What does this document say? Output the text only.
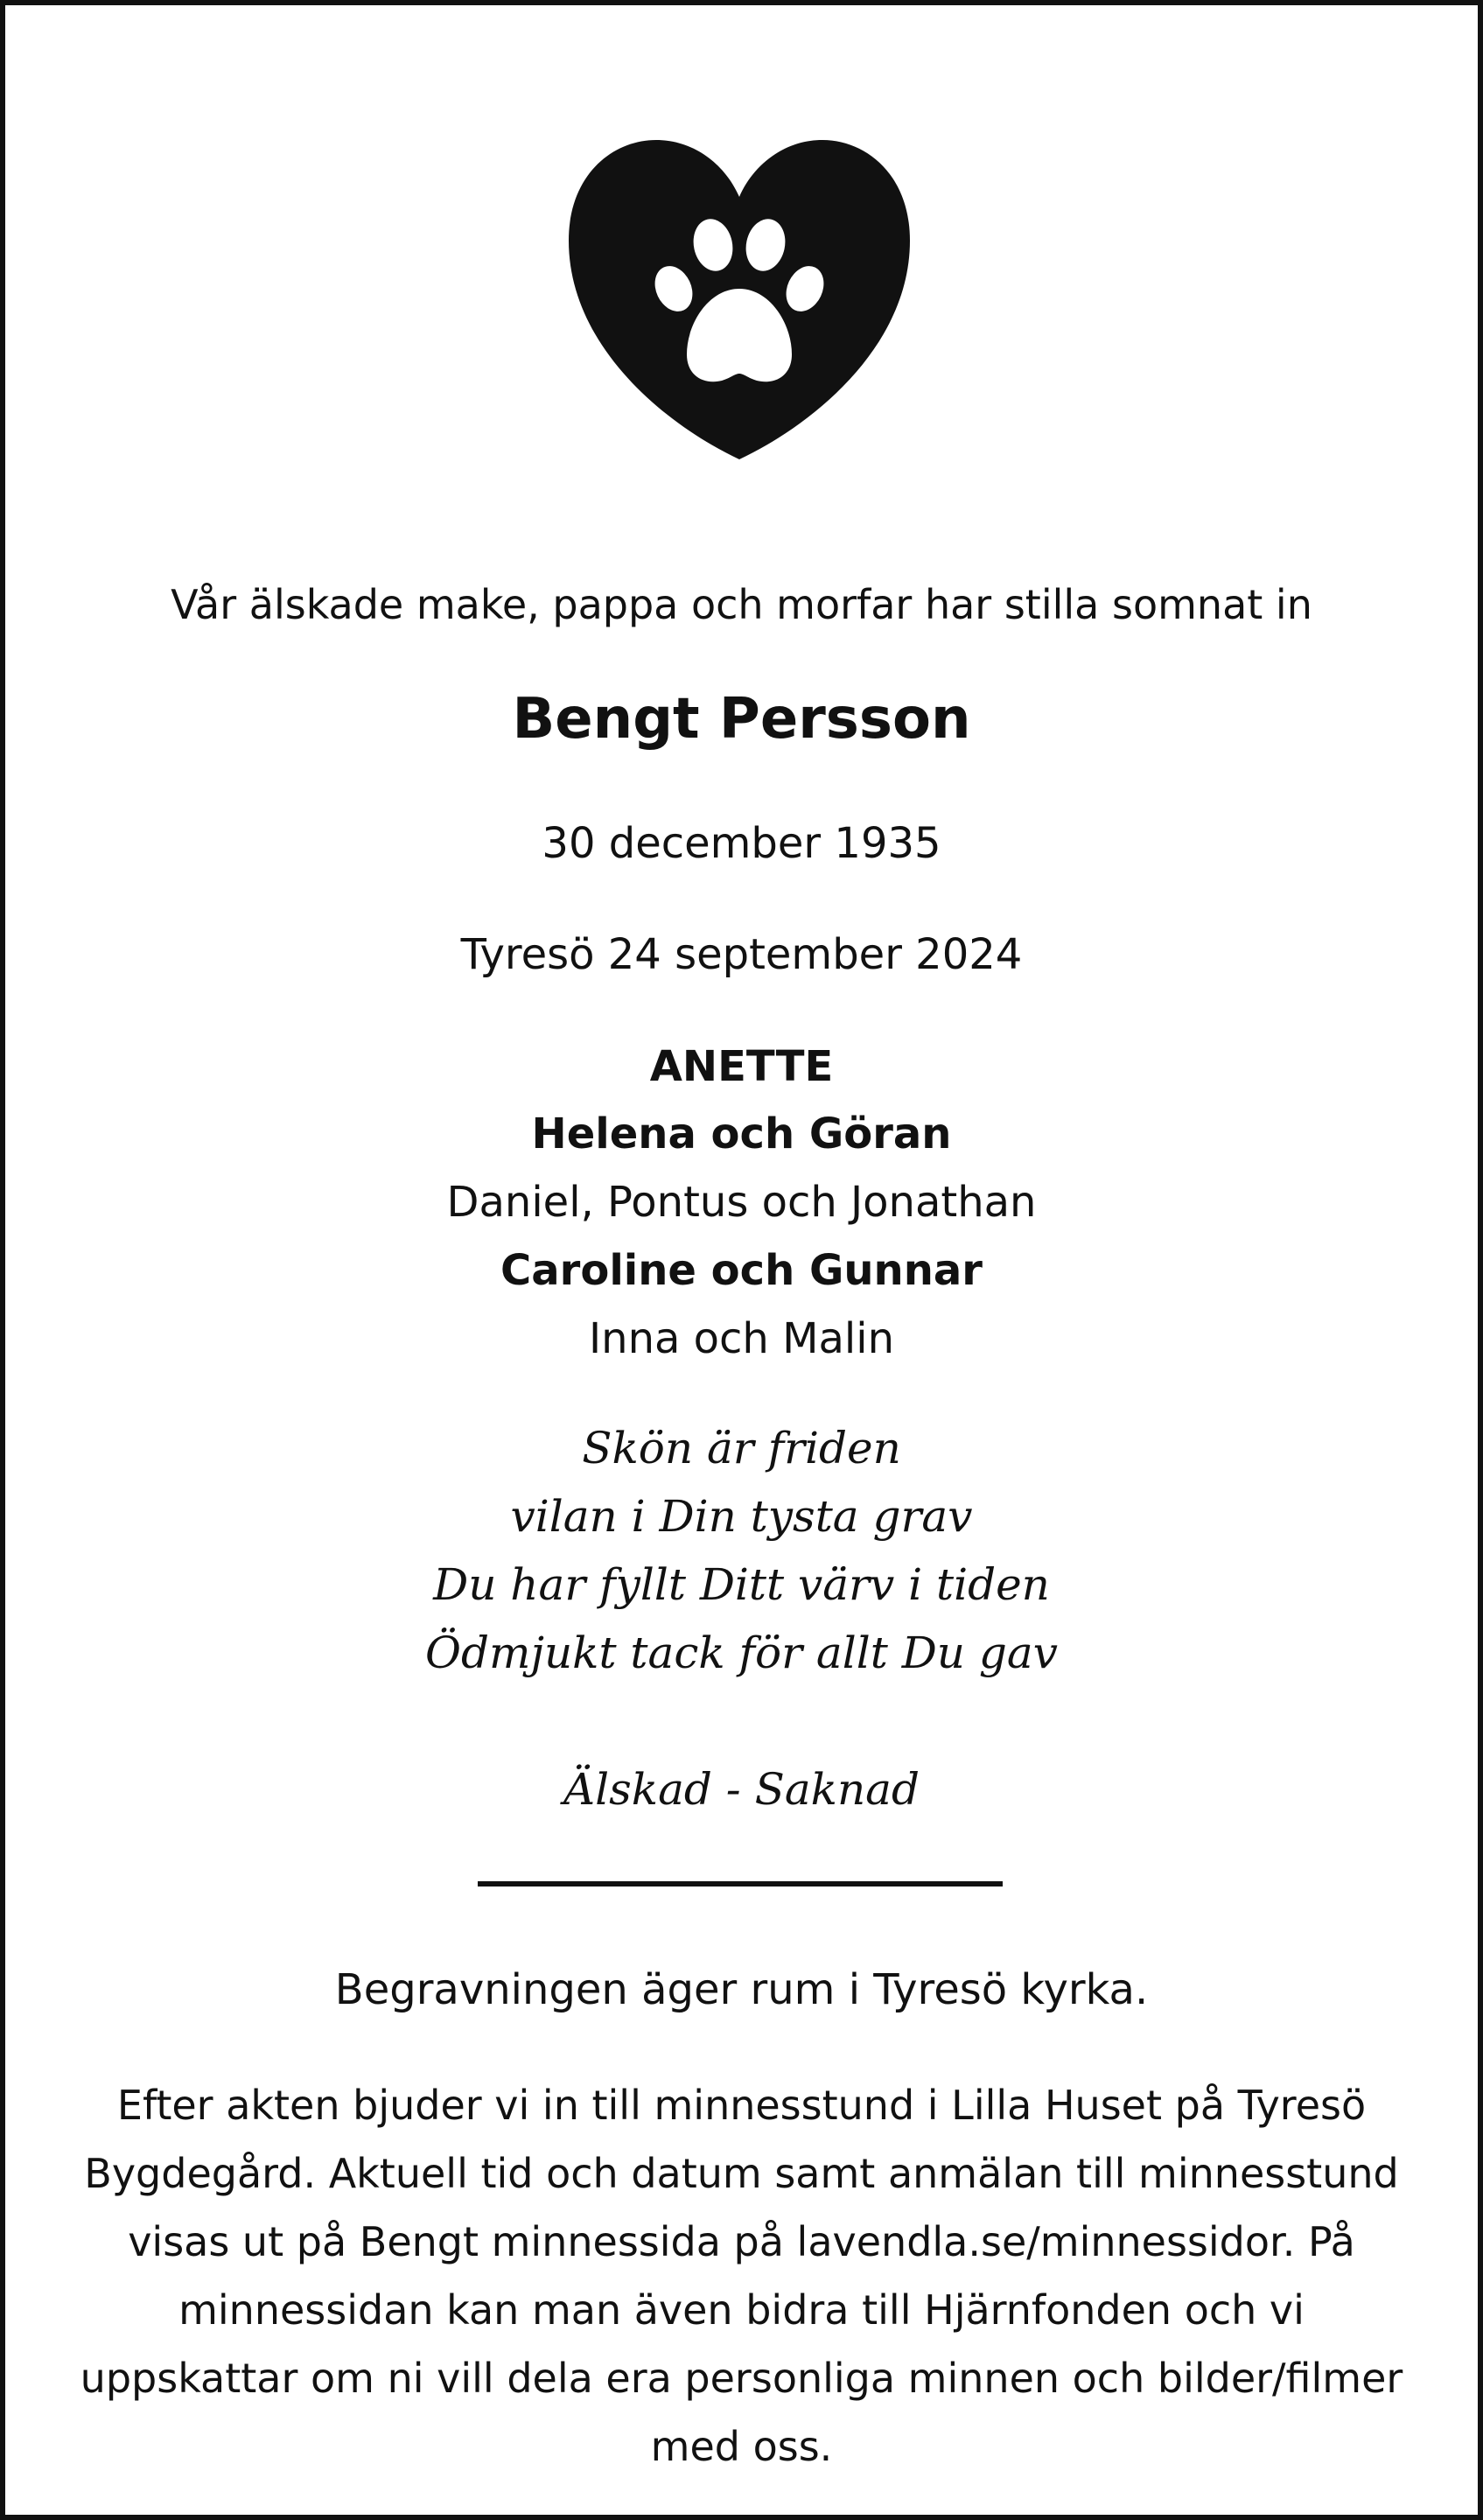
Vår älskade make, pappa och morfar har stilla somnat in
Bengt Persson
30 december 1935
Tyresö 24 september 2024
ANETTE
Helena och Göran
Daniel, Pontus och Jonathan
Caroline och Gunnar
Inna och Malin
Skön är friden
vilan i Din tysta grav
Du har fyllt Ditt värv i tiden
Ödmjukt tack för allt Du gav
Älskad - Saknad
Begravningen äger rum i Tyresö kyrka.
Efter akten bjuder vi in till minnesstund i Lilla Huset på Tyresö
Bygdegård. Aktuell tid och datum samt anmälan till minnesstund
visas ut på Bengt minnessida på lavendla.se/minnessidor. På
minnessidan kan man även bidra till Hjärnfonden och vi
uppskattar om ni vill dela era personliga minnen och bilder/filmer
med oss.
